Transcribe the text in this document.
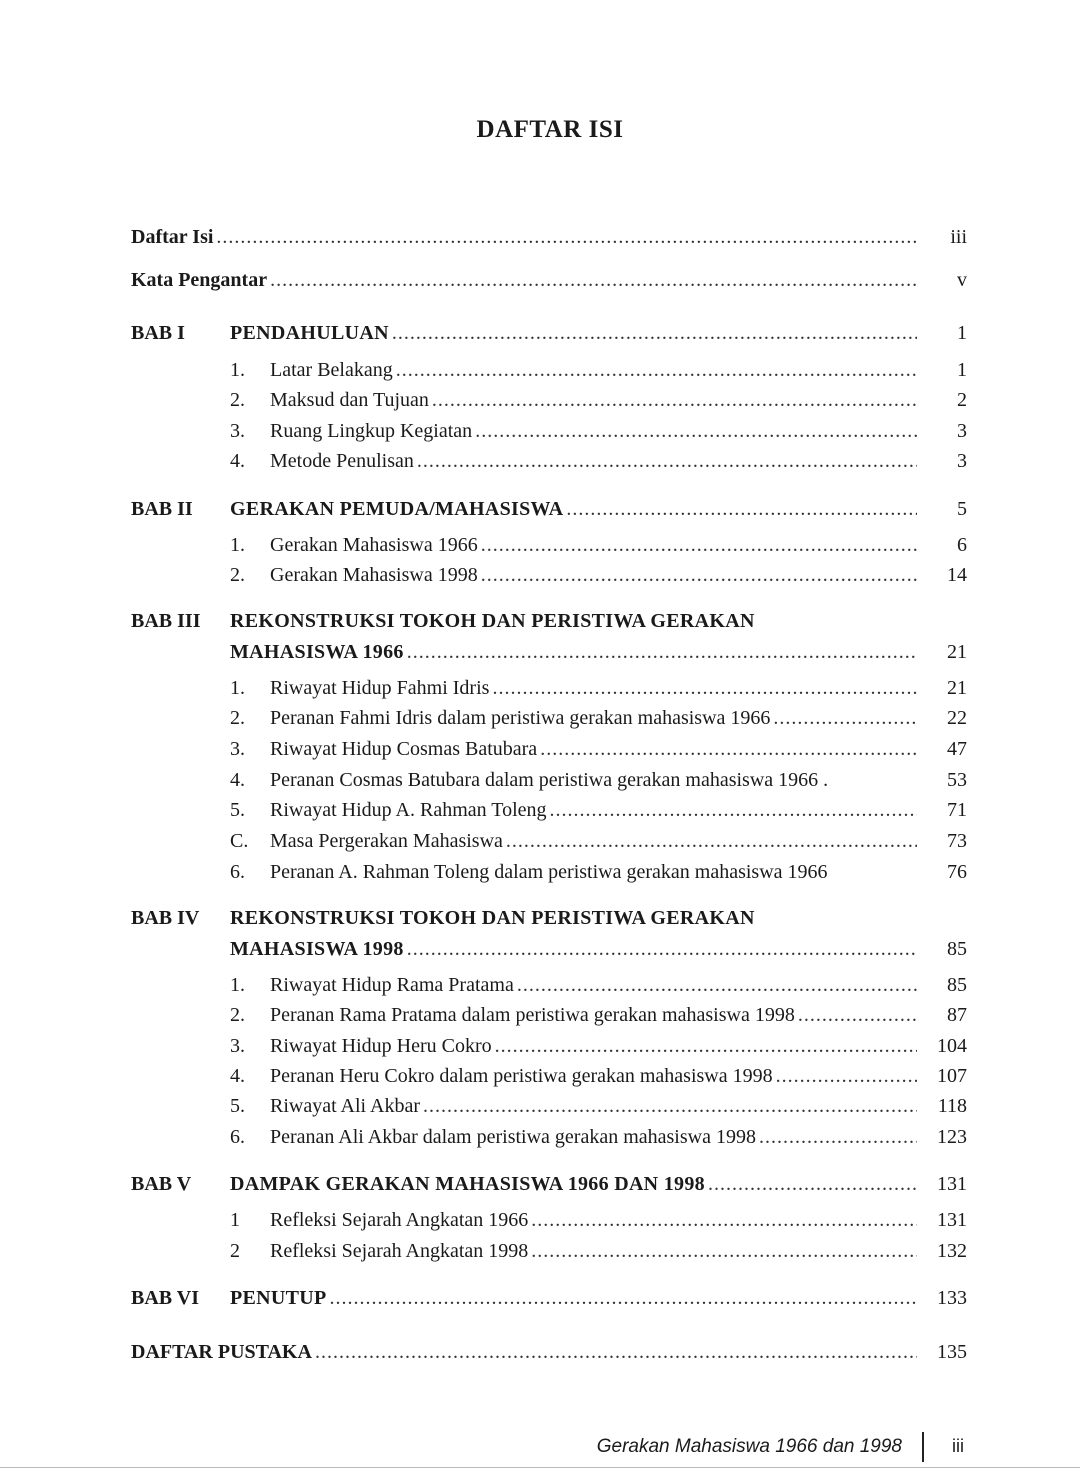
DAFTAR ISI
Daftar Isi .....	iii
Kata Pengantar .....	v
BAB I PENDAHULUAN .....	1
1.	Latar Belakang .....	1
2.	Maksud dan Tujuan .....	2
3.	Ruang Lingkup Kegiatan .....	3
4.	Metode Penulisan .....	3
BAB II GERAKAN PEMUDA/MAHASISWA .....	5
1.	Gerakan Mahasiswa 1966 .....	6
2.	Gerakan Mahasiswa 1998 .....	14
BAB III REKONSTRUKSI TOKOH DAN PERISTIWA GERAKAN
MAHASISWA 1966 .....	21
1.	Riwayat Hidup Fahmi Idris .....	21
2.	Peranan Fahmi Idris dalam peristiwa gerakan mahasiswa 1966 .....	22
3.	Riwayat Hidup Cosmas Batubara .....	47
4.	Peranan Cosmas Batubara dalam peristiwa gerakan mahasiswa 1966 .	53
5.	Riwayat Hidup A. Rahman Toleng .....	71
C.	Masa Pergerakan Mahasiswa .....	73
6.	Peranan A. Rahman Toleng dalam peristiwa gerakan mahasiswa 1966	76
BAB IV REKONSTRUKSI TOKOH DAN PERISTIWA GERAKAN
MAHASISWA 1998 .....	85
1.	Riwayat Hidup Rama Pratama .....	85
2.	Peranan Rama Pratama dalam peristiwa gerakan mahasiswa 1998 .....	87
3.	Riwayat Hidup Heru Cokro .....	104
4.	Peranan Heru Cokro dalam peristiwa gerakan mahasiswa 1998 .....	107
5.	Riwayat Ali Akbar .....	118
6.	Peranan Ali Akbar dalam peristiwa gerakan mahasiswa 1998 .....	123
BAB V DAMPAK GERAKAN MAHASISWA 1966 DAN 1998 .....	131
1	Refleksi Sejarah Angkatan 1966 .....	131
2	Refleksi Sejarah Angkatan 1998 .....	132
BAB VI PENUTUP .....	133
DAFTAR PUSTAKA .....	135
Gerakan Mahasiswa 1966 dan 1998	iii
